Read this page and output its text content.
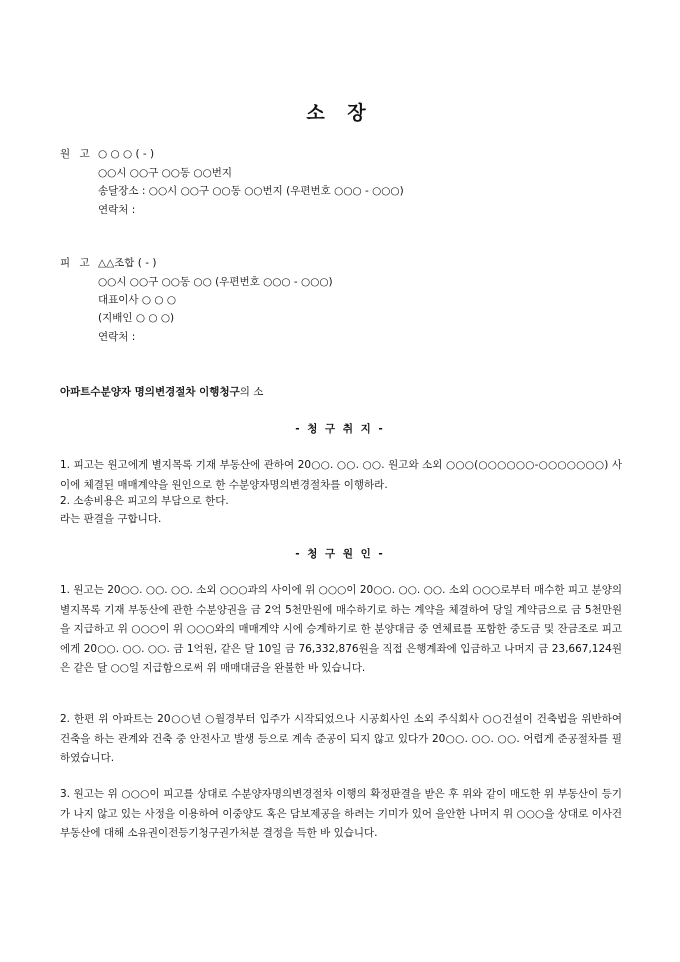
소 장
원 고 ○ ○ ○ ( - )
○○시 ○○구 ○○동 ○○번지
송달장소 : ○○시 ○○구 ○○동 ○○번지 (우편번호 ○○○ - ○○○)
연락처 :
피 고 △△조합 ( - )
○○시 ○○구 ○○동 ○○ (우편번호 ○○○ - ○○○)
대표이사 ○ ○ ○
(지배인 ○ ○ ○)
연락처 :
아파트수분양자 명의변경절차 이행청구의 소
- 청 구 취 지 -
1. 피고는 원고에게 별지목록 기재 부동산에 관하여 20○○. ○○. ○○. 원고와 소외 ○○○(○○○○○○-○○○○○○○) 사이에 체결된 매매계약을 원인으로 한 수분양자명의변경절차를 이행하라.
2. 소송비용은 피고의 부담으로 한다.
라는 판결을 구합니다.
- 청 구 원 인 -
1. 원고는 20○○. ○○. ○○. 소외 ○○○과의 사이에 위 ○○○이 20○○. ○○. ○○. 소외 ○○○로부터 매수한 피고 분양의 별지목록 기재 부동산에 관한 수분양권을 금 2억 5천만원에 매수하기로 하는 계약을 체결하여 당일 계약금으로 금 5천만원을 지급하고 위 ○○○이 위 ○○○와의 매매계약 시에 승계하기로 한 분양대금 중 연체료를 포함한 중도금 및 잔금조로 피고에게 20○○. ○○. ○○. 금 1억원, 같은 달 10일 금 76,332,876원을 직접 은행계좌에 입금하고 나머지 금 23,667,124원은 같은 달 ○○일 지급함으로써 위 매매대금을 완불한 바 있습니다.
2. 한편 위 아파트는 20○○년 ○월경부터 입주가 시작되었으나 시공회사인 소외 주식회사 ○○건설이 건축법을 위반하여 건축을 하는 관계와 건축 중 안전사고 발생 등으로 계속 준공이 되지 않고 있다가 20○○. ○○. ○○. 어렵게 준공절차를 필하였습니다.
3. 원고는 위 ○○○이 피고를 상대로 수분양자명의변경절차 이행의 확정판결을 받은 후 위와 같이 매도한 위 부동산이 등기가 나지 않고 있는 사정을 이용하여 이중양도 혹은 담보제공을 하려는 기미가 있어 을안한 나머지 위 ○○○을 상대로 이사건 부동산에 대해 소유권이전등기청구권가처분 결정을 득한 바 있습니다.
